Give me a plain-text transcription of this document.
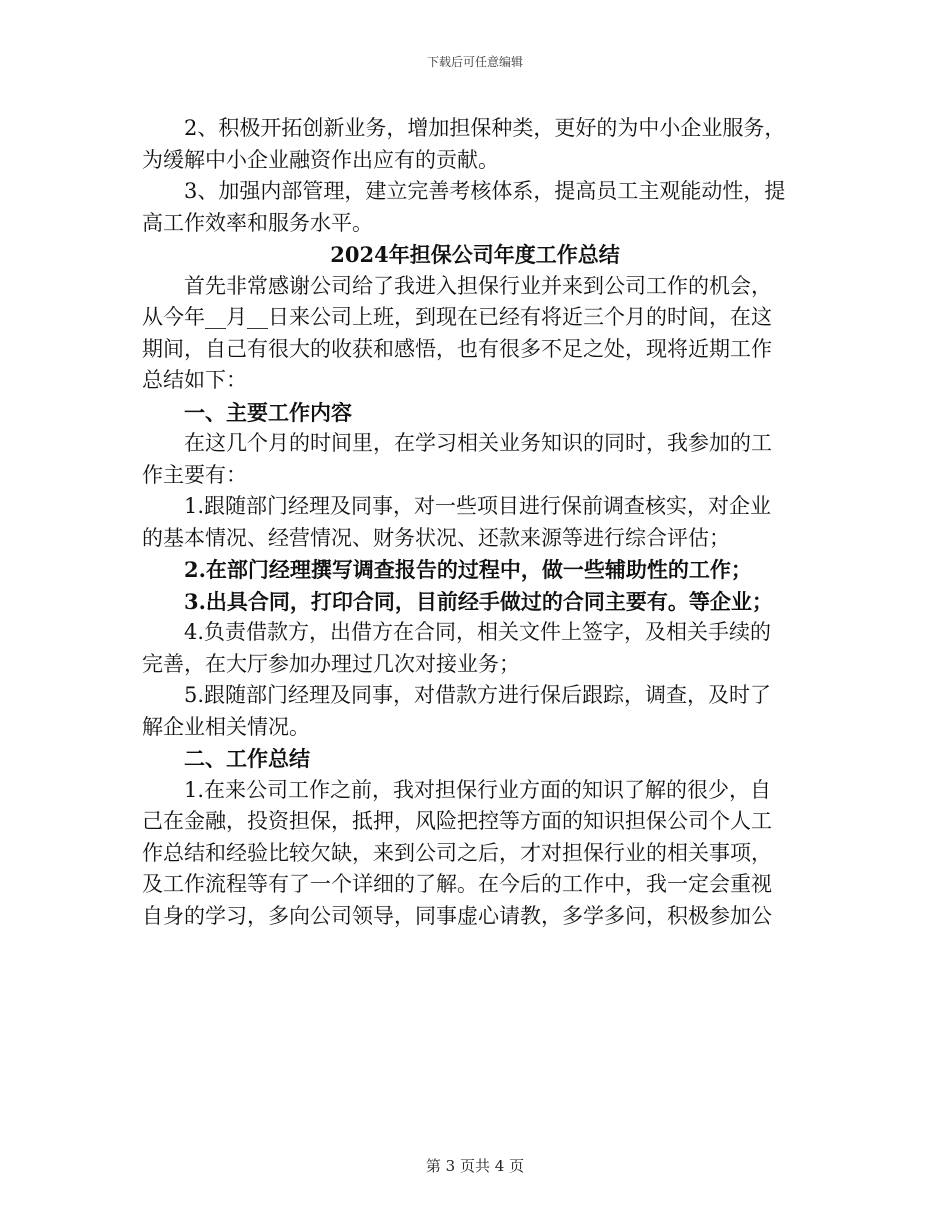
下载后可任意编辑

2、积极开拓创新业务，增加担保种类，更好的为中小企业服务，
为缓解中小企业融资作出应有的贡献。

3、加强内部管理，建立完善考核体系，提高员工主观能动性，提
高工作效率和服务水平。

2024年担保公司年度工作总结

首先非常感谢公司给了我进入担保行业并来到公司工作的机会，
从今年__月__日来公司上班，到现在已经有将近三个月的时间，在这
期间，自己有很大的收获和感悟，也有很多不足之处，现将近期工作
总结如下：

一、主要工作内容

在这几个月的时间里，在学习相关业务知识的同时，我参加的工
作主要有：

1.跟随部门经理及同事，对一些项目进行保前调查核实，对企业
的基本情况、经营情况、财务状况、还款来源等进行综合评估；

2.在部门经理撰写调查报告的过程中，做一些辅助性的工作；

3.出具合同，打印合同，目前经手做过的合同主要有。等企业；

4.负责借款方，出借方在合同，相关文件上签字，及相关手续的
完善，在大厅参加办理过几次对接业务；

5.跟随部门经理及同事，对借款方进行保后跟踪，调查，及时了
解企业相关情况。

二、工作总结

1.在来公司工作之前，我对担保行业方面的知识了解的很少，自
己在金融，投资担保，抵押，风险把控等方面的知识担保公司个人工
作总结和经验比较欠缺，来到公司之后，才对担保行业的相关事项，
及工作流程等有了一个详细的了解。在今后的工作中，我一定会重视
自身的学习，多向公司领导，同事虚心请教，多学多问，积极参加公

第 3 页共 4 页
